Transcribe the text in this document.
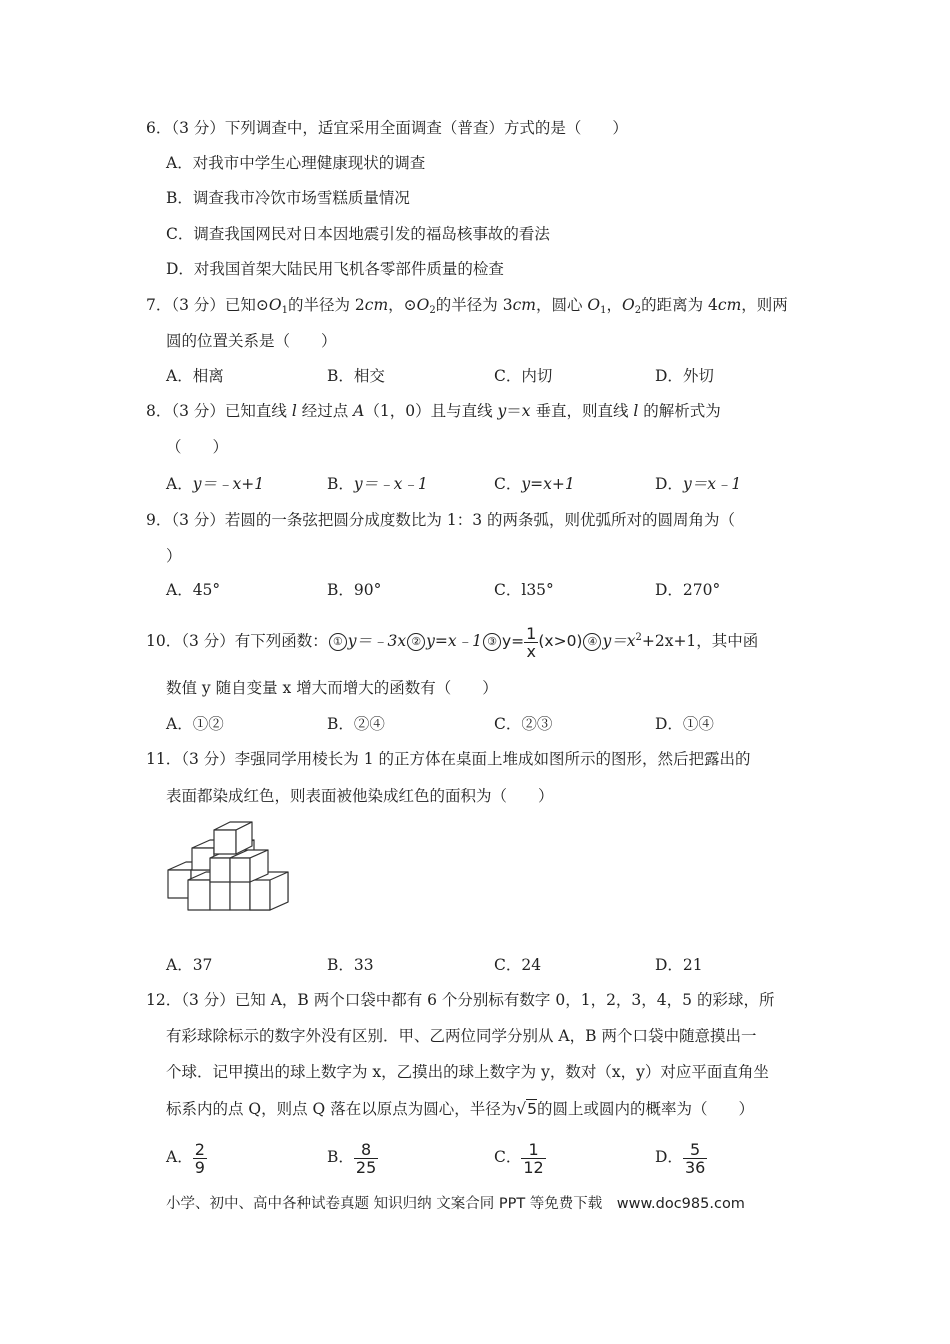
6．（3 分）下列调查中，适宜采用全面调查（普查）方式的是（　　）
A．对我市中学生心理健康现状的调查
B．调查我市冷饮市场雪糕质量情况
C．调查我国网民对日本因地震引发的福岛核事故的看法
D．对我国首架大陆民用飞机各零部件质量的检查
7．（3 分）已知$⊙O_1$的半径为 2cm，$⊙O_2$的半径为 3cm，圆心 $O_1$，$O_2$的距离为 4cm，则两
圆的位置关系是（　　）
A．相离	B．相交	C．内切	D．外切
8．（3 分）已知直线 l 经过点 A（1，0）且与直线 y＝x 垂直，则直线 l 的解析式为
（　　）
A．y＝﹣x+1	B．y＝﹣x﹣1	C．y=x+1	D．y＝x﹣1
9．（3 分）若圆的一条弦把圆分成度数比为 1：3 的两条弧，则优弧所对的圆周角为（
）
A．45°	B．90°	C．l35°	D．270°
10．（3 分）有下列函数： ① y＝﹣3x ② y=x﹣1 ③ $y= \frac{1}{x} (x>0)$ ④ $y=x^2+2x+1$，其中函
数值 y 随自变量 x 增大而增大的函数有（　　）
A．①②	B．②④	C．②③	D．①④
11．（3 分）李强同学用棱长为 1 的正方体在桌面上堆成如图所示的图形，然后把露出的
表面都染成红色，则表面被他染成红色的面积为（　　）
A．37	B．33	C．24	D．21
12．（3 分）已知 A，B 两个口袋中都有 6 个分别标有数字 0，1，2，3，4，5 的彩球，所
有彩球除标示的数字外没有区别．甲、乙两位同学分别从 A，B 两个口袋中随意摸出一
个球．记甲摸出的球上数字为 x，乙摸出的球上数字为 y，数对（x，y）对应平面直角坐
标系内的点 Q，则点 Q 落在以原点为圆心，半径为√5的圆上或圆内的概率为（　　）
A． $\frac{2}{9}$	B． $\frac{8}{25}$	C． $\frac{1}{12}$	D． $\frac{5}{36}$
小学、初中、高中各种试卷真题 知识归纳 文案合同 PPT 等免费下载　www.doc985.com
